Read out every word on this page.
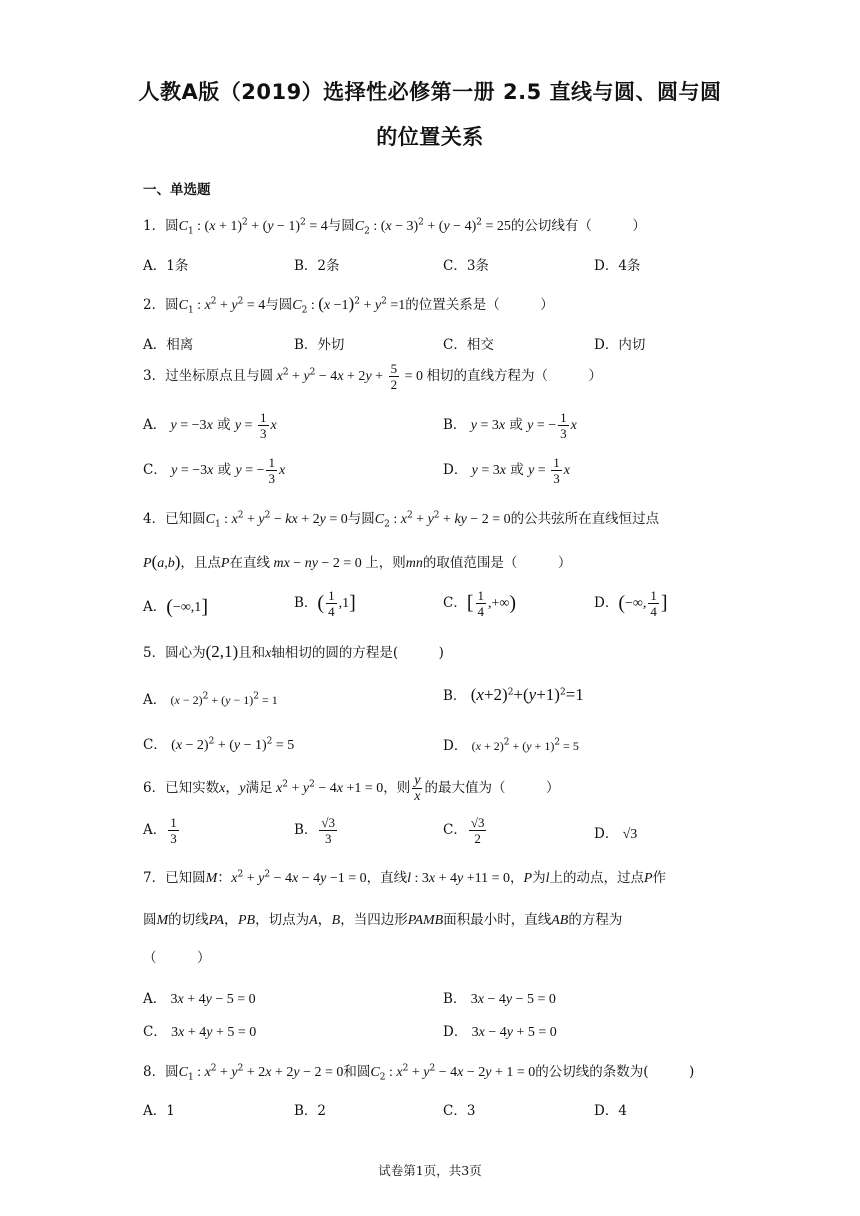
人教A版（2019）选择性必修第一册 2.5 直线与圆、圆与圆
的位置关系
一、单选题
1．圆$C_1$ : $(x + 1)^2 + (y - 1)^2 = 4$与圆$C_2$ : $(x - 3)^2 + (y - 4)^2 = 25$的公切线有（　　　）
A．1条	B．2条	C．3条	D．4条
2．圆$C_1$ : $x^2 + y^2 = 4$与圆$C_2$ : $(x -1)^2 + y^2 =1$的位置关系是（　　　）
A．相离	B．外切	C．相交	D．内切
3．过坐标原点且与圆 $x^2 + y^2 - 4x + 2y + \frac{5}{2} = 0$ 相切的直线方程为（　　　）
A． y = −3x 或 $y = \frac{1}{3}$ x	B． y = 3x 或 y = − $\frac{1}{3}$ x
C． y = −3x 或 y = − $\frac{1}{3}$ x	D． y = 3x 或 $y = \frac{1}{3}$ x
4．已知圆$C_1$ : $x^2 + y^2$ − kx + 2y = 0与圆$C_2$ : $x^2 + y^2$ + ky − 2 = 0的公共弦所在直线恒过点
P(a,b)，且点P在直线 mx − ny − 2 = 0 上，则mn的取值范围是（　　　）
A．(−∞,1]	B．( $\frac{1}{4} ,1$]	C．[ $\frac{1}{4}$ ,+∞)	D．(−∞, $\frac{1}{4}$ ]
5．圆心为(2,1)且和x轴相切的圆的方程是(　　　)
A． $(x - 2)^2 + (y - 1)^2 = 1$	B． $(x+2)^2+(y+1)^2=1$
C． $(x - 2)^2 + (y - 1)^2 = 5$	D． $(x + 2)^2 + (y + 1)^2 = 5$
6．已知实数x，y满足 $x^2 + y^2 - 4x +1 = 0$，则 $\frac{y}{x}$ 的最大值为（　　　）
A． $\frac{1}{3}$	B． $\frac{√3}{3}$	C． $\frac{√3}{2}$	D． √3
7．已知圆M：$x^2 + y^2 - 4x - 4y -1 = 0$，直线l : 3x + 4y +11 = 0，P为l上的动点，过点P作
圆M的切线PA，PB，切点为A，B，当四边形PAMB面积最小时，直线AB的方程为
（　　　）
A． 3x + 4y − 5 = 0	B． 3x − 4y − 5 = 0
C． 3x + 4y + 5 = 0	D． 3x − 4y + 5 = 0
8．圆$C_1$ : $x^2 + y^2 + 2x + 2y - 2 = 0$和圆$C_2$ : $x^2 + y^2 - 4x - 2y + 1 = 0$的公切线的条数为(　　　)
A．1	B．2	C．3	D．4
试卷第1页，共3页
